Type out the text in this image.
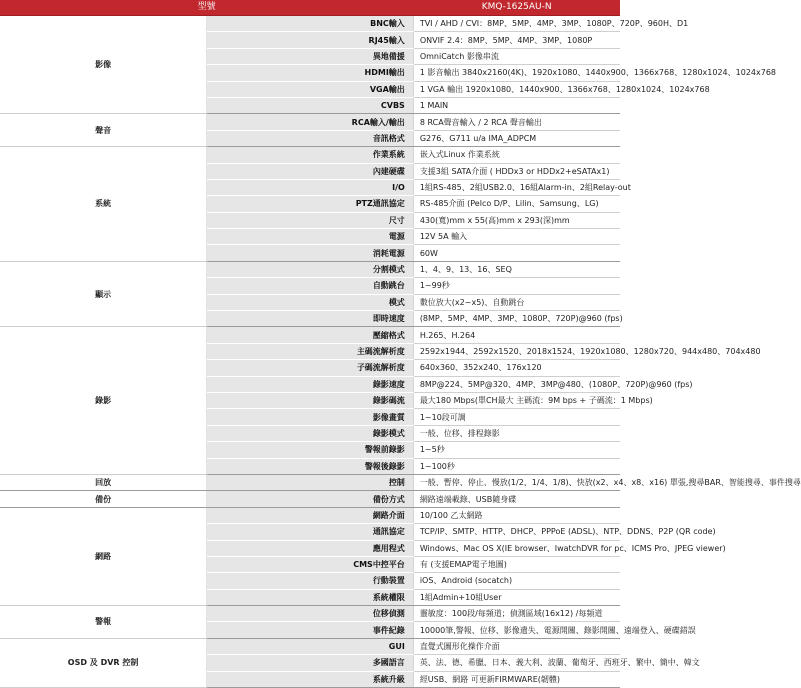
型號		KMQ-1625AU-N
影像	BNC輸入	TVI / AHD / CVI：8MP、5MP、4MP、3MP、1080P、720P、960H、D1
	RJ45輸入	ONVIF 2.4：8MP、5MP、4MP、3MP、1080P
	異地備援	OmniCatch 影像串流
	HDMI輸出	1 影音輸出 3840x2160(4K)、1920x1080、1440x900、1366x768、1280x1024、1024x768
	VGA輸出	1 VGA 輸出 1920x1080、1440x900、1366x768、1280x1024、1024x768
	CVBS	1 MAIN
聲音	RCA輸入/輸出	8 RCA聲音輸入 / 2 RCA 聲音輸出
	音訊格式	G276、G711 u/a IMA_ADPCM
系統	作業系統	嵌入式Linux 作業系統
	內建硬碟	支援3組 SATA介面 ( HDDx3 or HDDx2+eSATAx1)
	I/O	1組RS-485、2組USB2.0、16組Alarm-in、2組Relay-out
	PTZ通訊協定	RS-485介面 (Pelco D/P、Lilin、Samsung、LG)
	尺寸	430(寬)mm x 55(高)mm x 293(深)mm
	電源	12V 5A 輸入
	消耗電源	60W
顯示	分割模式	1、4、9、13、16、SEQ
	自動跳台	1~99秒
	模式	數位放大(x2~x5)、自動跳台
	即時速度	(8MP、5MP、4MP、3MP、1080P、720P)@960 (fps)
錄影	壓縮格式	H.265、H.264
	主碼流解析度	2592x1944、2592x1520、2018x1524、1920x1080、1280x720、944x480、704x480
	子碼流解析度	640x360、352x240、176x120
	錄影速度	8MP@224、5MP@320、4MP、3MP@480、(1080P、720P)@960 (fps)
	錄影碼流	最大180 Mbps(單CH最大 主碼流：9M bps + 子碼流：1 Mbps)
	影像畫質	1~10段可調
	錄影模式	一般、位移、排程錄影
	警報前錄影	1~5秒
	警報後錄影	1~100秒
回放	控制	一般、暫停、停止、慢放(1/2、1/4、1/8)、快放(x2、x4、x8、x16) 單張,搜尋BAR、智能搜尋、事件搜尋
備份	備份方式	網路遠端載錄、USB隨身碟
網路	網路介面	10/100 乙太網路
	通訊協定	TCP/IP、SMTP、HTTP、DHCP、PPPoE (ADSL)、NTP、DDNS、P2P (QR code)
	應用程式	Windows、Mac OS X(IE browser、IwatchDVR for pc、ICMS Pro、JPEG viewer)
	CMS中控平台	有 (支援EMAP電子地圖)
	行動裝置	iOS、Android (socatch)
	系統權限	1組Admin+10組User
警報	位移偵測	靈敏度：100段/每頻道；偵測區域(16x12) /每頻道
	事件紀錄	10000筆,警報、位移、影像遺失、電源開關、錄影開關、遠端登入、硬碟錯誤
OSD 及 DVR 控制	GUI	直覺式圖形化操作介面
	多國語言	英、法、德、希臘、日本、義大利、波蘭、葡萄牙、西班牙、繁中、簡中、韓文
	系統升級	經USB、網路 可更新FIRMWARE(韌體)
